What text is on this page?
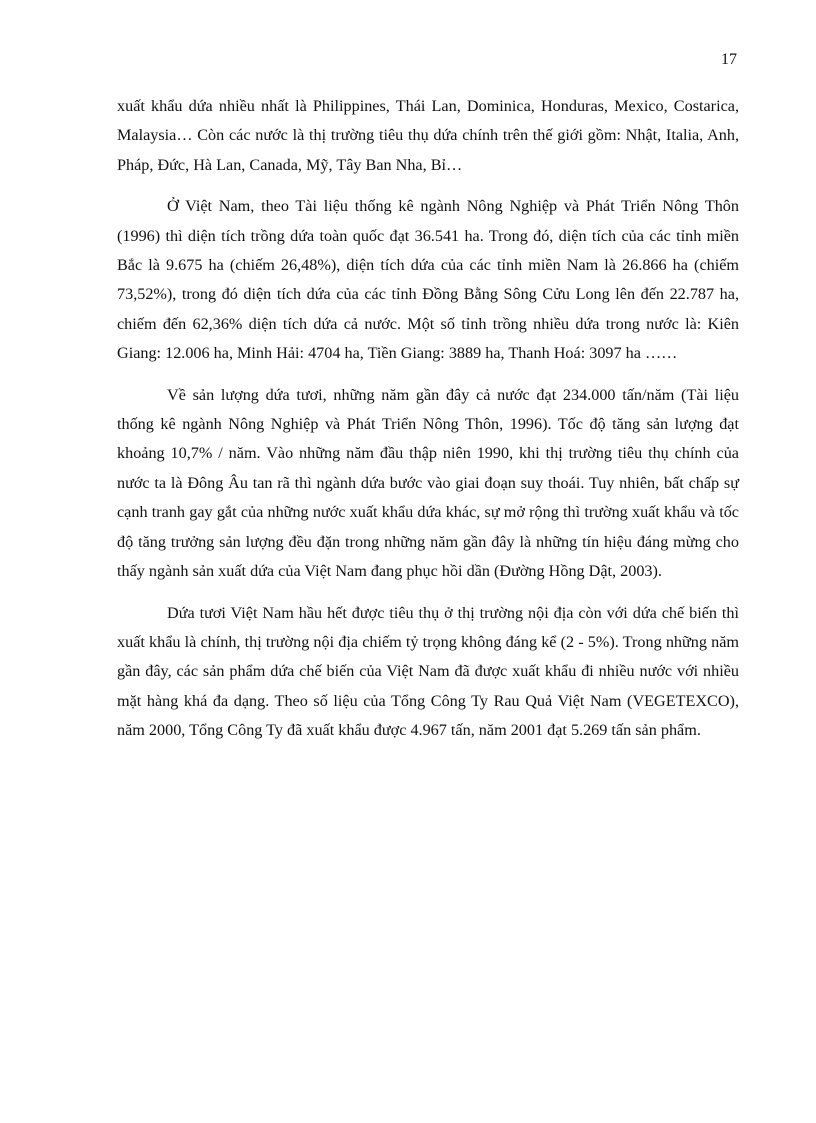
17

xuất khẩu dứa nhiều nhất là Philippines, Thái Lan, Dominica, Honduras, Mexico, Costarica, Malaysia… Còn các nước là thị trường tiêu thụ dứa chính trên thế giới gồm: Nhật, Italia, Anh, Pháp, Đức, Hà Lan, Canada, Mỹ, Tây Ban Nha, Bỉ…

Ở Việt Nam, theo Tài liệu thống kê ngành Nông Nghiệp và Phát Triển Nông Thôn (1996) thì diện tích trồng dứa toàn quốc đạt 36.541 ha. Trong đó, diện tích của các tỉnh miền Bắc là 9.675 ha (chiếm 26,48%), diện tích dứa của các tỉnh miền Nam là 26.866 ha (chiếm 73,52%), trong đó diện tích dứa của các tỉnh Đồng Bằng Sông Cửu Long lên đến 22.787 ha, chiếm đến 62,36% diện tích dứa cả nước. Một số tỉnh trồng nhiều dứa trong nước là: Kiên Giang: 12.006 ha, Minh Hải: 4704 ha, Tiền Giang: 3889 ha, Thanh Hoá: 3097 ha ……

Về sản lượng dứa tươi, những năm gần đây cả nước đạt 234.000 tấn/năm (Tài liệu thống kê ngành Nông Nghiệp và Phát Triển Nông Thôn, 1996). Tốc độ tăng sản lượng đạt khoảng 10,7% / năm. Vào những năm đầu thập niên 1990, khi thị trường tiêu thụ chính của nước ta là Đông Âu tan rã thì ngành dứa bước vào giai đoạn suy thoái. Tuy nhiên, bất chấp sự cạnh tranh gay gắt của những nước xuất khẩu dứa khác, sự mở rộng thì trường xuất khẩu và tốc độ tăng trưởng sản lượng đều đặn trong những năm gần đây là những tín hiệu đáng mừng cho thấy ngành sản xuất dứa của Việt Nam đang phục hồi dần (Đường Hồng Dật, 2003).

Dứa tươi Việt Nam hầu hết được tiêu thụ ở thị trường nội địa còn với dứa chế biến thì xuất khẩu là chính, thị trường nội địa chiếm tỷ trọng không đáng kể (2 - 5%). Trong những năm gần đây, các sản phẩm dứa chế biến của Việt Nam đã được xuất khẩu đi nhiều nước với nhiều mặt hàng khá đa dạng. Theo số liệu của Tổng Công Ty Rau Quả Việt Nam (VEGETEXCO), năm 2000, Tổng Công Ty đã xuất khẩu được 4.967 tấn, năm 2001 đạt 5.269 tấn sản phẩm.
